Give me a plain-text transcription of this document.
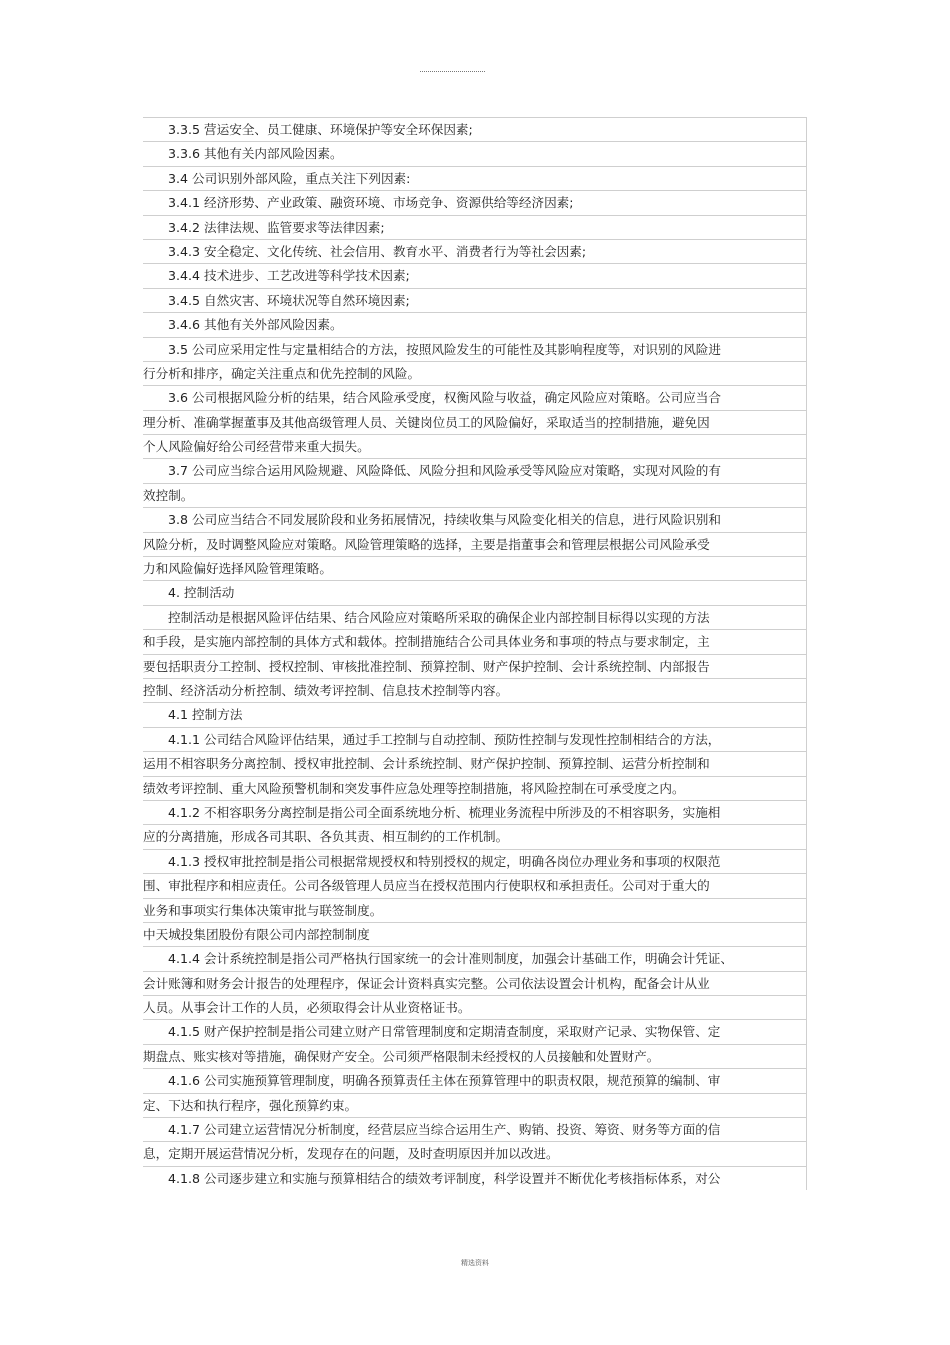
3.3.5 营运安全、员工健康、环境保护等安全环保因素;
3.3.6 其他有关内部风险因素。
3.4 公司识别外部风险，重点关注下列因素:
3.4.1 经济形势、产业政策、融资环境、市场竞争、资源供给等经济因素;
3.4.2 法律法规、监管要求等法律因素;
3.4.3 安全稳定、文化传统、社会信用、教育水平、消费者行为等社会因素;
3.4.4 技术进步、工艺改进等科学技术因素;
3.4.5 自然灾害、环境状况等自然环境因素;
3.4.6 其他有关外部风险因素。
3.5 公司应采用定性与定量相结合的方法，按照风险发生的可能性及其影响程度等，对识别的风险进
行分析和排序，确定关注重点和优先控制的风险。
3.6 公司根据风险分析的结果，结合风险承受度，权衡风险与收益，确定风险应对策略。公司应当合
理分析、准确掌握董事及其他高级管理人员、关键岗位员工的风险偏好，采取适当的控制措施，避免因
个人风险偏好给公司经营带来重大损失。
3.7 公司应当综合运用风险规避、风险降低、风险分担和风险承受等风险应对策略，实现对风险的有
效控制。
3.8 公司应当结合不同发展阶段和业务拓展情况，持续收集与风险变化相关的信息，进行风险识别和
风险分析，及时调整风险应对策略。风险管理策略的选择，主要是指董事会和管理层根据公司风险承受
力和风险偏好选择风险管理策略。
4. 控制活动
控制活动是根据风险评估结果、结合风险应对策略所采取的确保企业内部控制目标得以实现的方法
和手段，是实施内部控制的具体方式和载体。控制措施结合公司具体业务和事项的特点与要求制定，主
要包括职责分工控制、授权控制、审核批准控制、预算控制、财产保护控制、会计系统控制、内部报告
控制、经济活动分析控制、绩效考评控制、信息技术控制等内容。
4.1 控制方法
4.1.1 公司结合风险评估结果，通过手工控制与自动控制、预防性控制与发现性控制相结合的方法，
运用不相容职务分离控制、授权审批控制、会计系统控制、财产保护控制、预算控制、运营分析控制和
绩效考评控制、重大风险预警机制和突发事件应急处理等控制措施，将风险控制在可承受度之内。
4.1.2 不相容职务分离控制是指公司全面系统地分析、梳理业务流程中所涉及的不相容职务，实施相
应的分离措施，形成各司其职、各负其责、相互制约的工作机制。
4.1.3 授权审批控制是指公司根据常规授权和特别授权的规定，明确各岗位办理业务和事项的权限范
围、审批程序和相应责任。公司各级管理人员应当在授权范围内行使职权和承担责任。公司对于重大的
业务和事项实行集体决策审批与联签制度。
中天城投集团股份有限公司内部控制制度
4.1.4 会计系统控制是指公司严格执行国家统一的会计准则制度，加强会计基础工作，明确会计凭证、
会计账簿和财务会计报告的处理程序，保证会计资料真实完整。公司依法设置会计机构，配备会计从业
人员。从事会计工作的人员，必须取得会计从业资格证书。
4.1.5 财产保护控制是指公司建立财产日常管理制度和定期清查制度，采取财产记录、实物保管、定
期盘点、账实核对等措施，确保财产安全。公司须严格限制未经授权的人员接触和处置财产。
4.1.6 公司实施预算管理制度，明确各预算责任主体在预算管理中的职责权限，规范预算的编制、审
定、下达和执行程序，强化预算约束。
4.1.7 公司建立运营情况分析制度，经营层应当综合运用生产、购销、投资、筹资、财务等方面的信
息，定期开展运营情况分析，发现存在的问题，及时查明原因并加以改进。
4.1.8 公司逐步建立和实施与预算相结合的绩效考评制度，科学设置并不断优化考核指标体系，对公
精选资料
